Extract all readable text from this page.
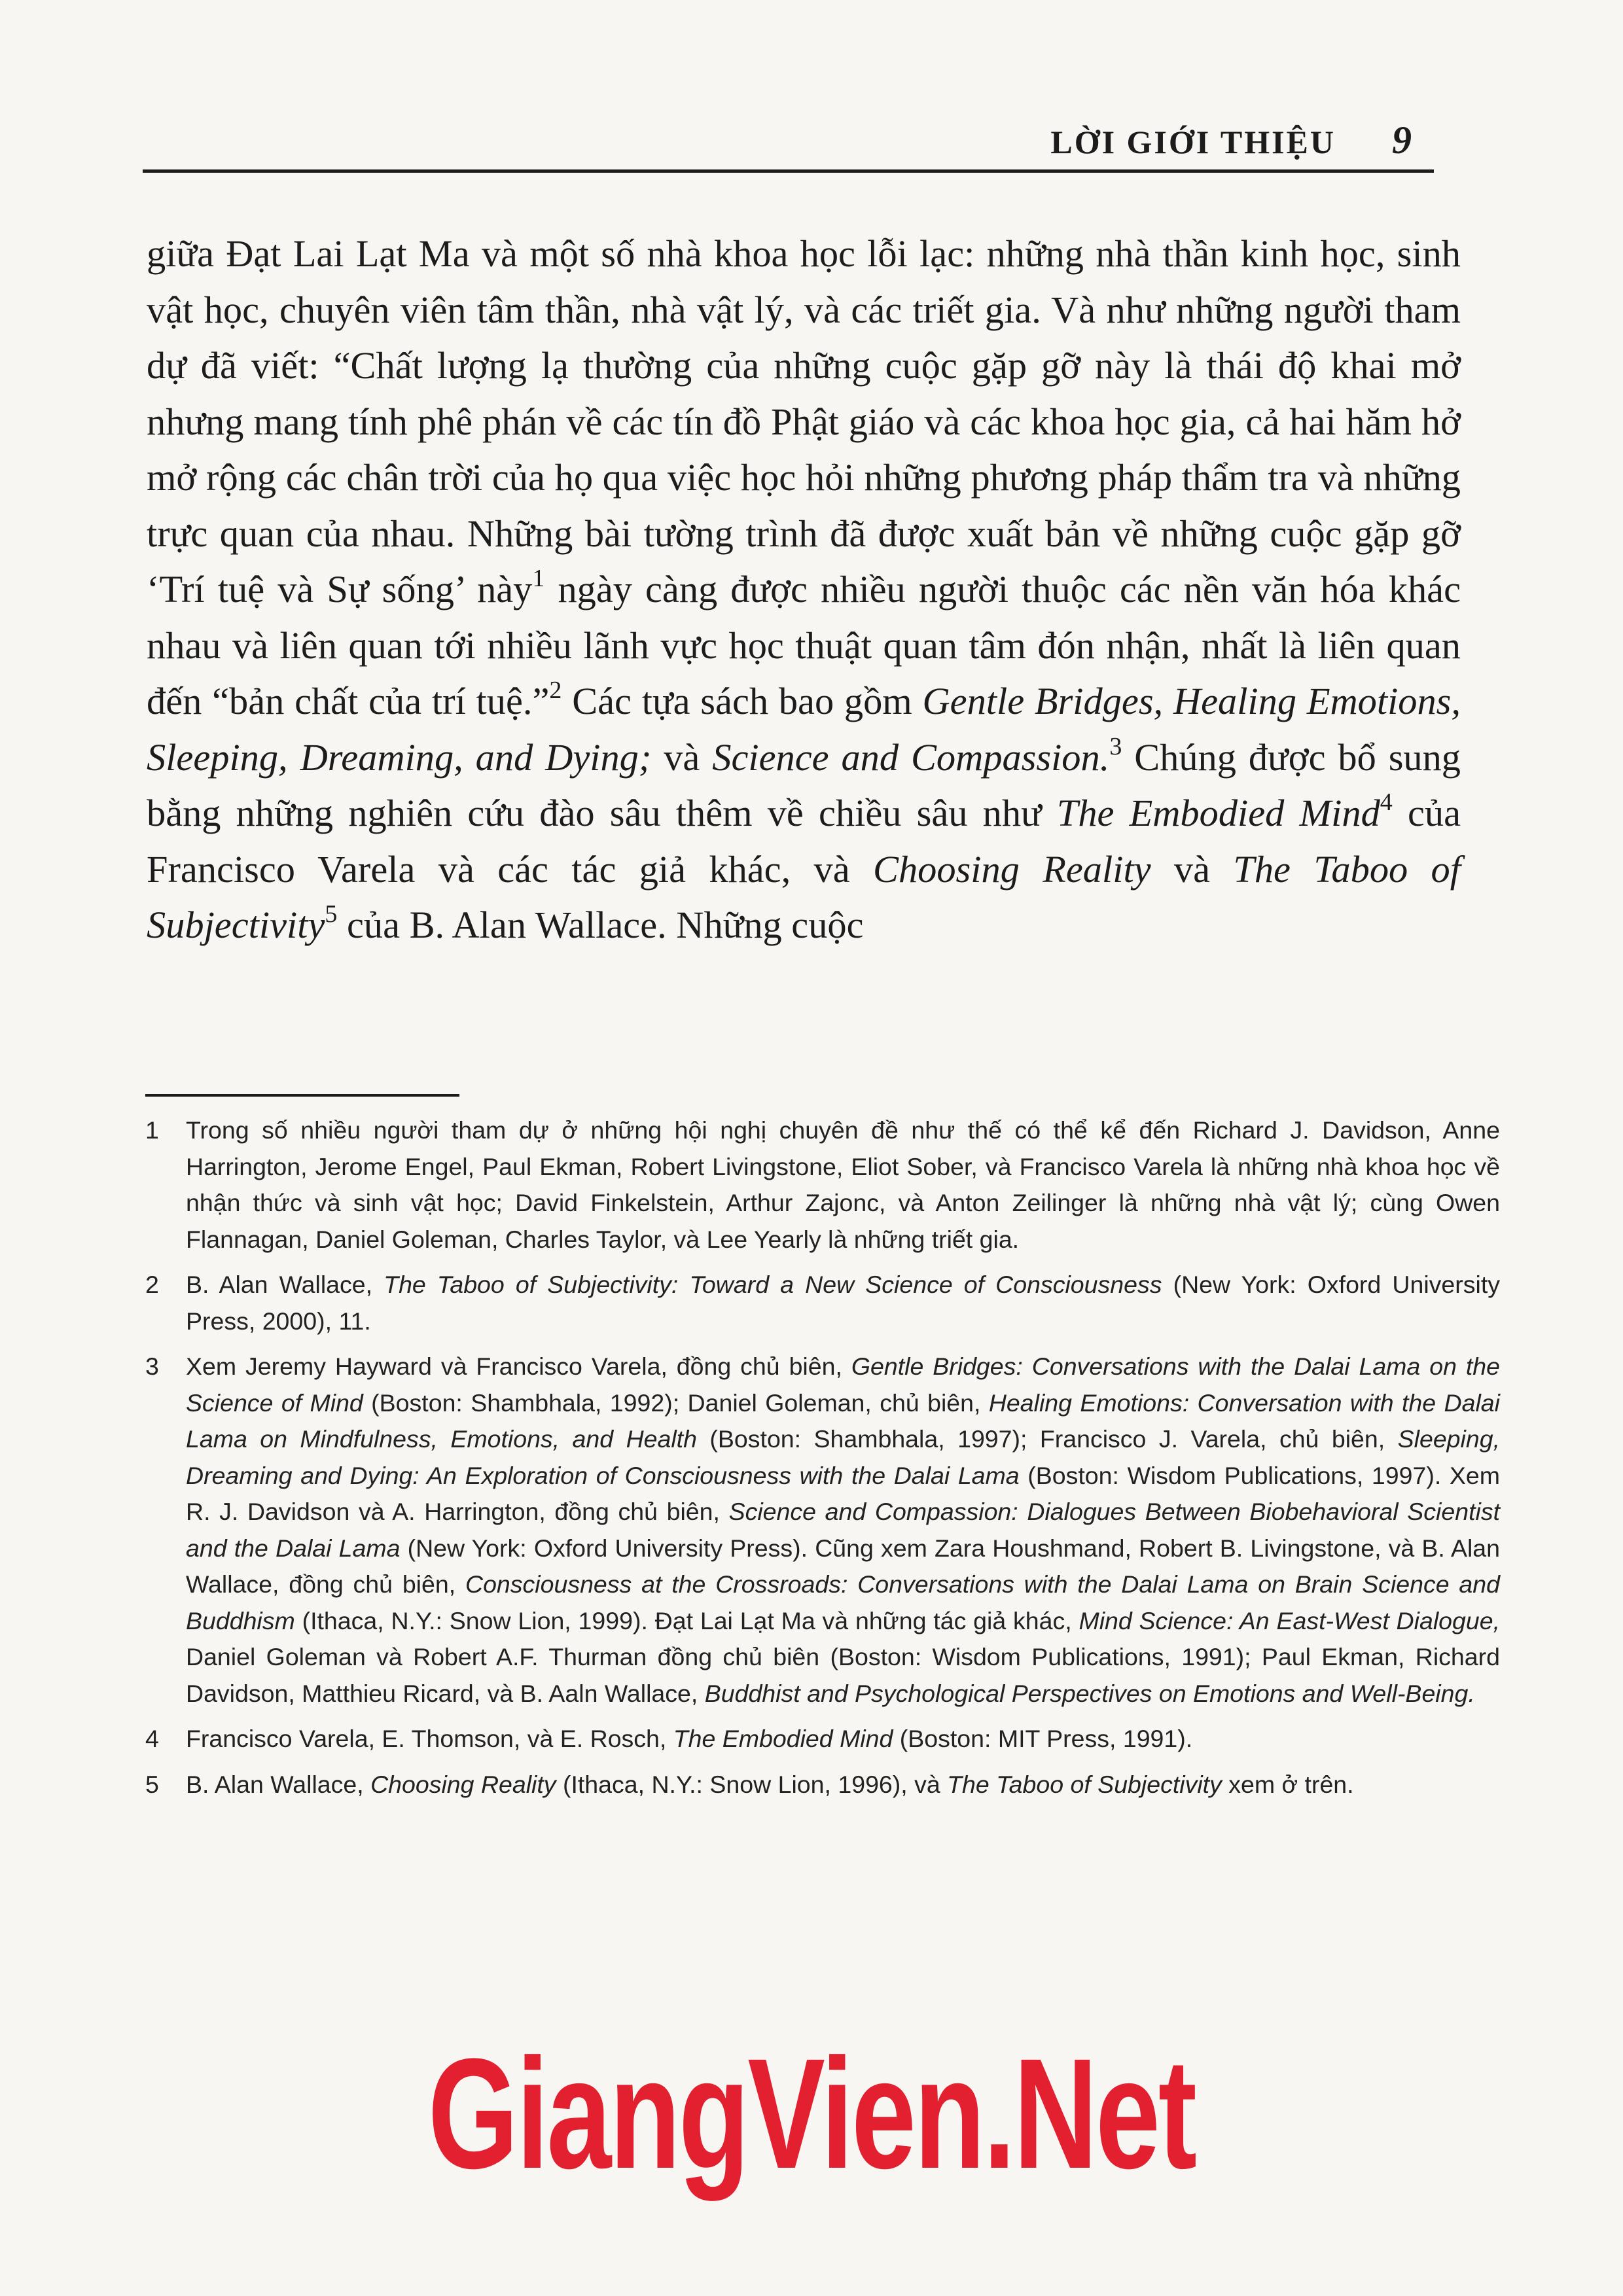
LỜI GIỚI THIỆU 9

giữa Đạt Lai Lạt Ma và một số nhà khoa học lỗi lạc: những nhà thần kinh học, sinh vật học, chuyên viên tâm thần, nhà vật lý, và các triết gia. Và như những người tham dự đã viết: “Chất lượng lạ thường của những cuộc gặp gỡ này là thái độ khai mở nhưng mang tính phê phán về các tín đồ Phật giáo và các khoa học gia, cả hai hăm hở mở rộng các chân trời của họ qua việc học hỏi những phương pháp thẩm tra và những trực quan của nhau. Những bài tường trình đã được xuất bản về những cuộc gặp gỡ ‘Trí tuệ và Sự sống’ này$^1$ ngày càng được nhiều người thuộc các nền văn hóa khác nhau và liên quan tới nhiều lãnh vực học thuật quan tâm đón nhận, nhất là liên quan đến “bản chất của trí tuệ.”$^2$ Các tựa sách bao gồm Gentle Bridges, Healing Emotions, Sleeping, Dreaming, and Dying; và Science and Compassion.$^3$ Chúng được bổ sung bằng những nghiên cứu đào sâu thêm về chiều sâu như The Embodied Mind$^4$ của Francisco Varela và các tác giả khác, và Choosing Reality và The Taboo of Subjectivity$^5$ của B. Alan Wallace. Những cuộc

1 Trong số nhiều người tham dự ở những hội nghị chuyên đề như thế có thể kể đến Richard J. Davidson, Anne Harrington, Jerome Engel, Paul Ekman, Robert Livingstone, Eliot Sober, và Francisco Varela là những nhà khoa học về nhận thức và sinh vật học; David Finkelstein, Arthur Zajonc, và Anton Zeilinger là những nhà vật lý; cùng Owen Flannagan, Daniel Goleman, Charles Taylor, và Lee Yearly là những triết gia.

2 B. Alan Wallace, The Taboo of Subjectivity: Toward a New Science of Consciousness (New York: Oxford University Press, 2000), 11.

3 Xem Jeremy Hayward và Francisco Varela, đồng chủ biên, Gentle Bridges: Conversations with the Dalai Lama on the Science of Mind (Boston: Shambhala, 1992); Daniel Goleman, chủ biên, Healing Emotions: Conversation with the Dalai Lama on Mindfulness, Emotions, and Health (Boston: Shambhala, 1997); Francisco J. Varela, chủ biên, Sleeping, Dreaming and Dying: An Exploration of Consciousness with the Dalai Lama (Boston: Wisdom Publications, 1997). Xem R. J. Davidson và A. Harrington, đồng chủ biên, Science and Compassion: Dialogues Between Biobehavioral Scientist and the Dalai Lama (New York: Oxford University Press). Cũng xem Zara Houshmand, Robert B. Livingstone, và B. Alan Wallace, đồng chủ biên, Consciousness at the Crossroads: Conversations with the Dalai Lama on Brain Science and Buddhism (Ithaca, N.Y.: Snow Lion, 1999). Đạt Lai Lạt Ma và những tác giả khác, Mind Science: An East-West Dialogue, Daniel Goleman và Robert A.F. Thurman đồng chủ biên (Boston: Wisdom Publications, 1991); Paul Ekman, Richard Davidson, Matthieu Ricard, và B. Aaln Wallace, Buddhist and Psychological Perspectives on Emotions and Well-Being.

4 Francisco Varela, E. Thomson, và E. Rosch, The Embodied Mind (Boston: MIT Press, 1991).

5 B. Alan Wallace, Choosing Reality (Ithaca, N.Y.: Snow Lion, 1996), và The Taboo of Subjectivity xem ở trên.

GiangVien.Net
